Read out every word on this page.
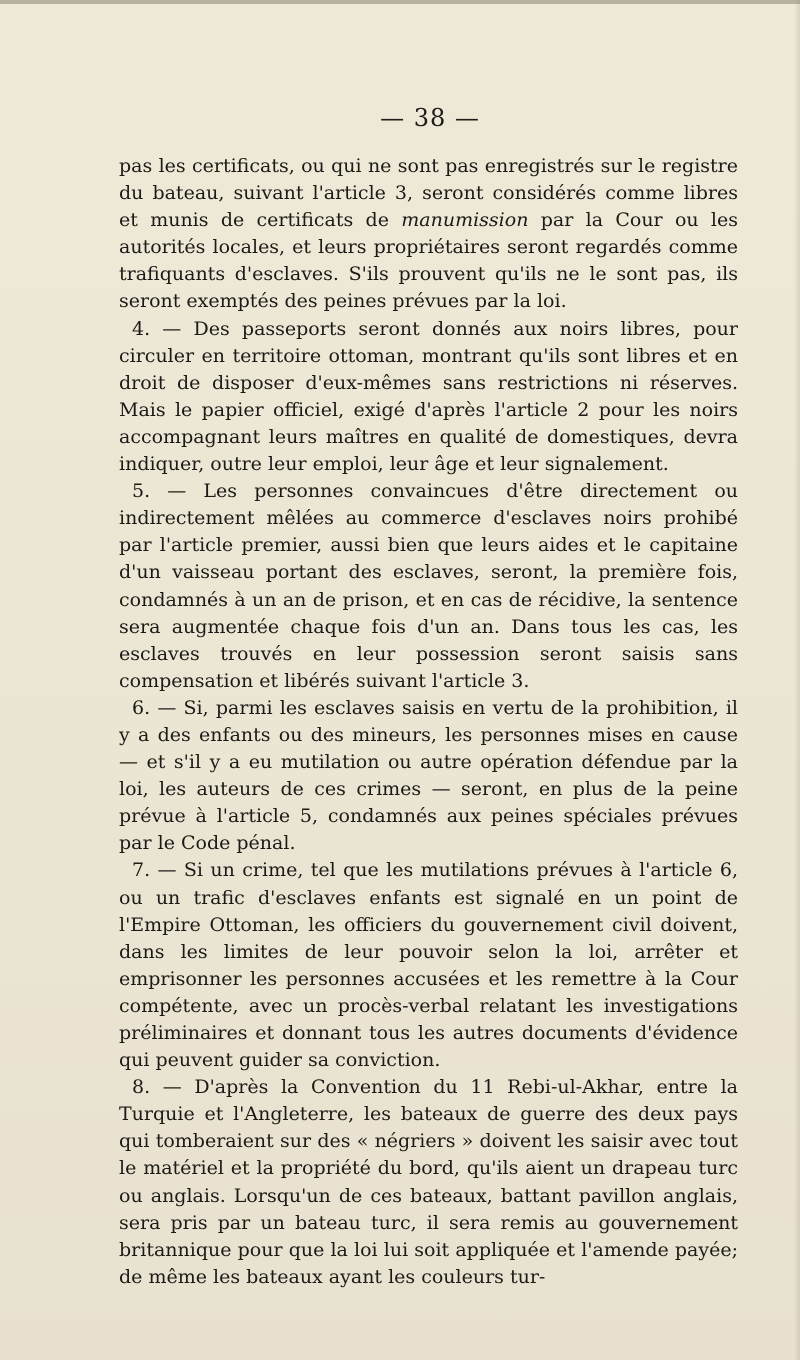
— 38 —

pas les certificats, ou qui ne sont pas enregistrés sur le registre du bateau, suivant l'article 3, seront considérés comme libres et munis de certificats de manumission par la Cour ou les autorités locales, et leurs propriétaires seront regardés comme trafiquants d'esclaves. S'ils prouvent qu'ils ne le sont pas, ils seront exemptés des peines prévues par la loi.

4. — Des passeports seront donnés aux noirs libres, pour circuler en territoire ottoman, montrant qu'ils sont libres et en droit de disposer d'eux-mêmes sans restrictions ni réserves. Mais le papier officiel, exigé d'après l'article 2 pour les noirs accompagnant leurs maîtres en qualité de domestiques, devra indiquer, outre leur emploi, leur âge et leur signalement.

5. — Les personnes convaincues d'être directement ou indirectement mêlées au commerce d'esclaves noirs prohibé par l'article premier, aussi bien que leurs aides et le capitaine d'un vaisseau portant des esclaves, seront, la première fois, condamnés à un an de prison, et en cas de récidive, la sentence sera augmentée chaque fois d'un an. Dans tous les cas, les esclaves trouvés en leur possession seront saisis sans compensation et libérés suivant l'article 3.

6. — Si, parmi les esclaves saisis en vertu de la prohibition, il y a des enfants ou des mineurs, les personnes mises en cause — et s'il y a eu mutilation ou autre opération défendue par la loi, les auteurs de ces crimes — seront, en plus de la peine prévue à l'article 5, condamnés aux peines spéciales prévues par le Code pénal.

7. — Si un crime, tel que les mutilations prévues à l'article 6, ou un trafic d'esclaves enfants est signalé en un point de l'Empire Ottoman, les officiers du gouvernement civil doivent, dans les limites de leur pouvoir selon la loi, arrêter et emprisonner les personnes accusées et les remettre à la Cour compétente, avec un procès-verbal relatant les investigations préliminaires et donnant tous les autres documents d'évidence qui peuvent guider sa conviction.

8. — D'après la Convention du 11 Rebi-ul-Akhar, entre la Turquie et l'Angleterre, les bateaux de guerre des deux pays qui tomberaient sur des « négriers » doivent les saisir avec tout le matériel et la propriété du bord, qu'ils aient un drapeau turc ou anglais. Lorsqu'un de ces bateaux, battant pavillon anglais, sera pris par un bateau turc, il sera remis au gouvernement britannique pour que la loi lui soit appliquée et l'amende payée; de même les bateaux ayant les couleurs tur-
